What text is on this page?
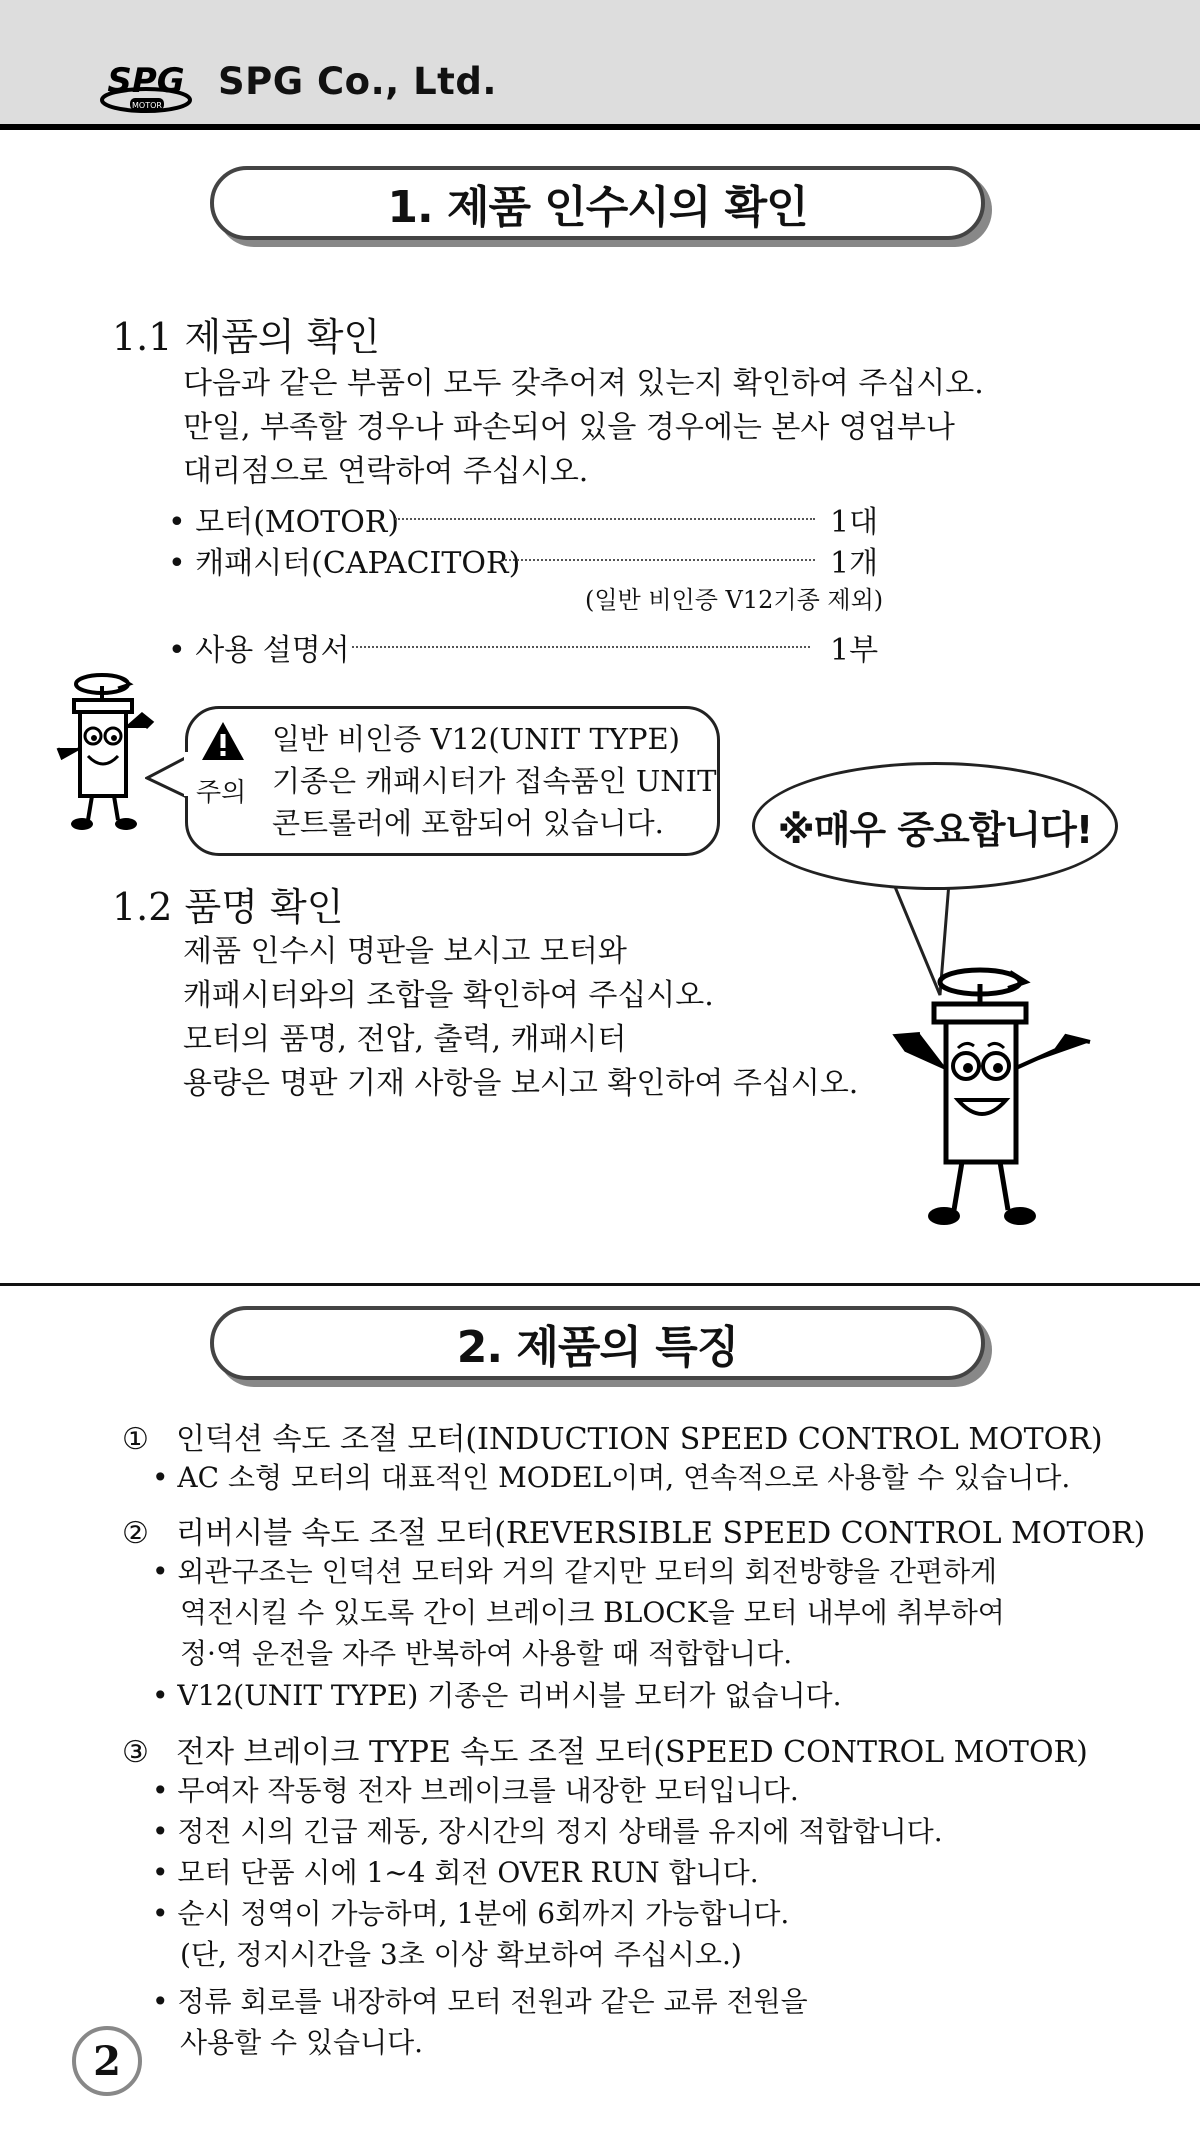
MOTOR
SPG SPG Co., Ltd.
1. 제품 인수시의 확인
1.1 제품의 확인
다음과 같은 부품이 모두 갖추어져 있는지 확인하여 주십시오.
만일, 부족할 경우나 파손되어 있을 경우에는 본사 영업부나
대리점으로 연락하여 주십시오.
• 모터(MOTOR)	1대
• 캐패시터(CAPACITOR)	1개
(일반 비인증 V12기종 제외)
• 사용 설명서	1부
주의
일반 비인증 V12(UNIT TYPE)
기종은 캐패시터가 접속품인 UNIT
콘트롤러에 포함되어 있습니다.	※매우 중요합니다!
1.2 품명 확인
제품 인수시 명판을 보시고 모터와
캐패시터와의 조합을 확인하여 주십시오.
모터의 품명, 전압, 출력, 캐패시터
용량은 명판 기재 사항을 보시고 확인하여 주십시오.
2. 제품의 특징
① 인덕션 속도 조절 모터(INDUCTION SPEED CONTROL MOTOR)
• AC 소형 모터의 대표적인 MODEL이며, 연속적으로 사용할 수 있습니다.
② 리버시블 속도 조절 모터(REVERSIBLE SPEED CONTROL MOTOR)
• 외관구조는 인덕션 모터와 거의 같지만 모터의 회전방향을 간편하게
역전시킬 수 있도록 간이 브레이크 BLOCK을 모터 내부에 취부하여
정·역 운전을 자주 반복하여 사용할 때 적합합니다.
• V12(UNIT TYPE) 기종은 리버시블 모터가 없습니다.
③ 전자 브레이크 TYPE 속도 조절 모터(SPEED CONTROL MOTOR)
• 무여자 작동형 전자 브레이크를 내장한 모터입니다.
• 정전 시의 긴급 제동, 장시간의 정지 상태를 유지에 적합합니다.
• 모터 단품 시에 1~4 회전 OVER RUN 합니다.
• 순시 정역이 가능하며, 1분에 6회까지 가능합니다.
(단, 정지시간을 3초 이상 확보하여 주십시오.)
• 정류 회로를 내장하여 모터 전원과 같은 교류 전원을
사용할 수 있습니다.
2
